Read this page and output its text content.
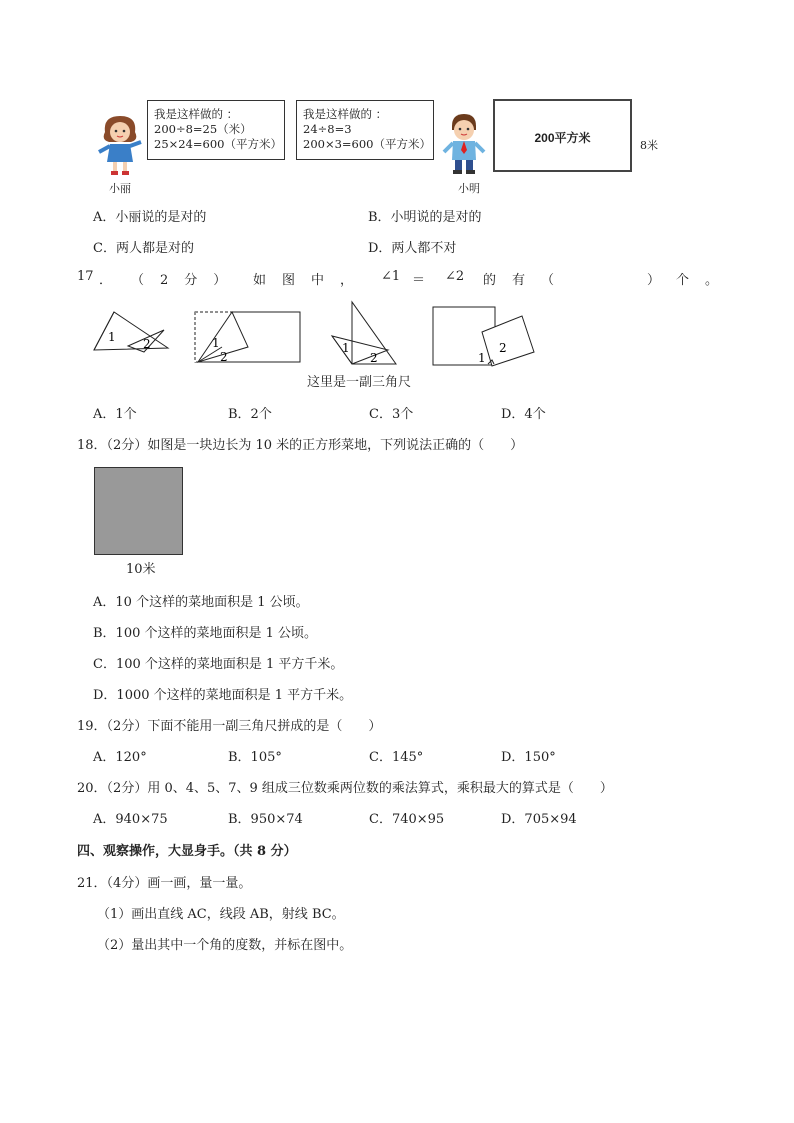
小丽
我是这样做的 ：
200÷8=25（米）
25×24=600（平方米）
我是这样做的 ：
24÷8=3
200×3=600（平方米）
小明
200平方米
8米
A．小丽说的是对的	B．小明说的是对的
C．两人都是对的	D．两人都不对
17 ． （2分） 如图中， ∠1 ＝ ∠2 的有（	）个。
1 2	1
2
1
2	1
2
这里是一副三角尺
A．1个	B．2个	C．3个	D．4个
18．（2分）如图是一块边长为 10 米的正方形菜地，下列说法正确的（　　）
10米
A．10 个这样的菜地面积是 1 公顷。
B．100 个这样的菜地面积是 1 公顷。
C．100 个这样的菜地面积是 1 平方千米。
D．1000 个这样的菜地面积是 1 平方千米。
19．（2分）下面不能用一副三角尺拼成的是（　　）
A．120°	B．105°	C．145°	D．150°
20．（2分）用 0、4、5、7、9 组成三位数乘两位数的乘法算式，乘积最大的算式是（　　）
A．940×75	B．950×74	C．740×95	D．705×94
四、观察操作，大显身手。（共 8 分）
21．（4分）画一画，量一量。
（1）画出直线 AC，线段 AB，射线 BC。
（2）量出其中一个角的度数，并标在图中。
